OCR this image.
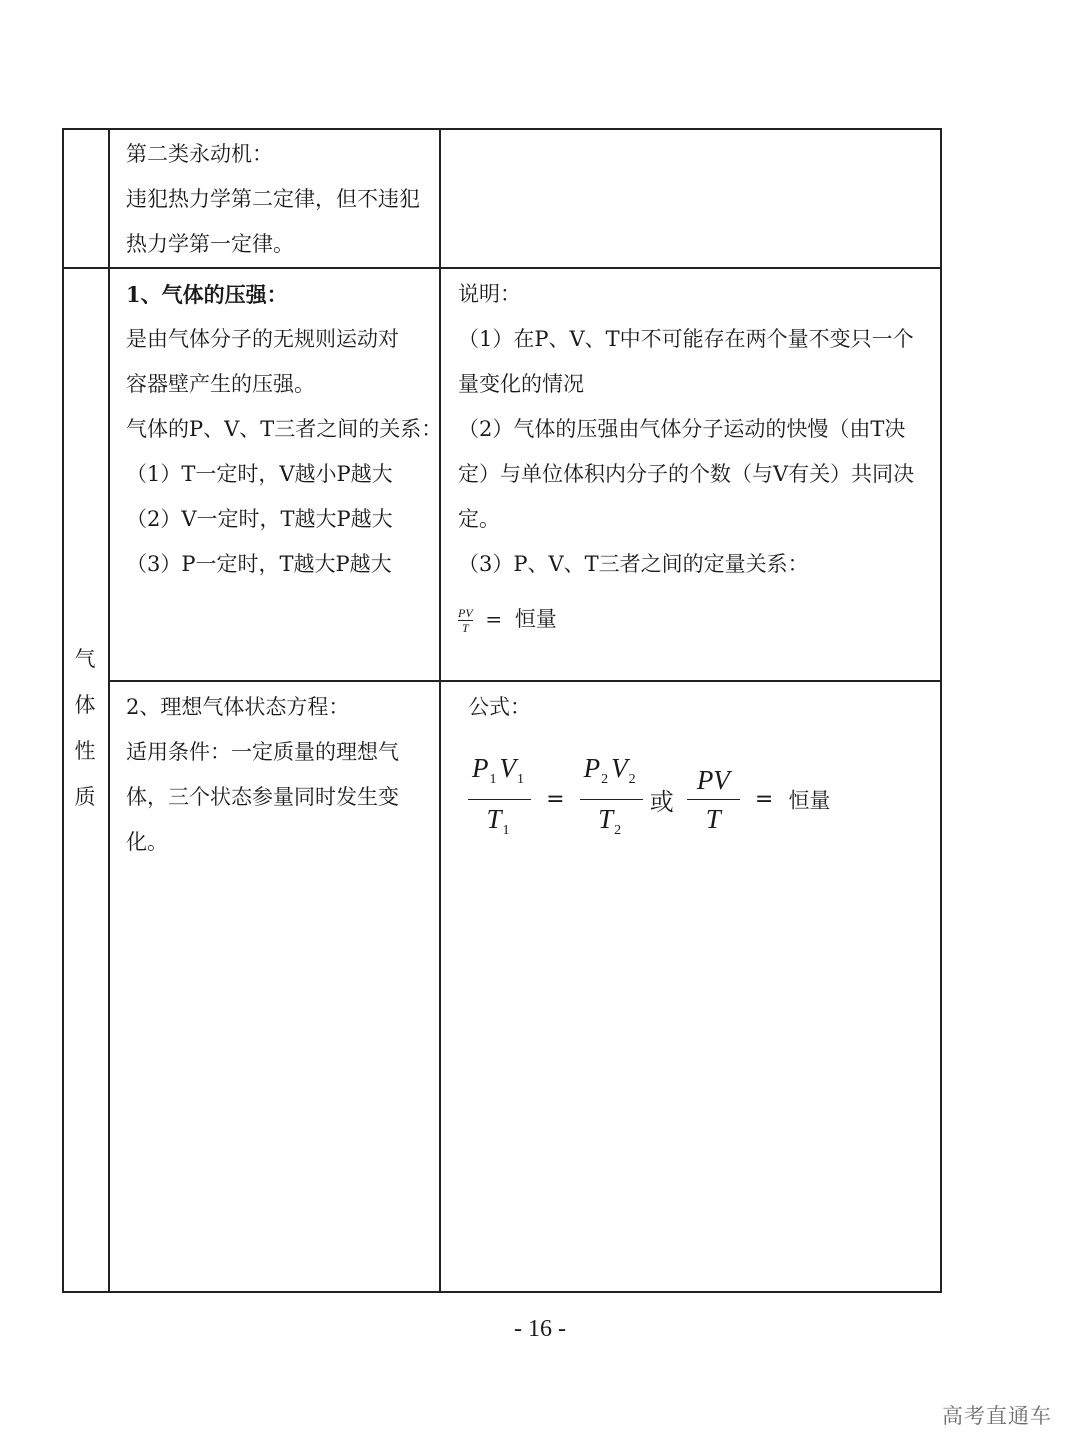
第二类永动机：

违犯热力学第二定律，但不违犯

热力学第一定律。

气
体
性
质

1、气体的压强：

是由气体分子的无规则运动对

容器壁产生的压强。

气体的P、V、T三者之间的关系：

（1）T一定时，V越小P越大

（2）V一定时，T越大P越大

（3）P一定时，T越大P越大

说明：

（1）在P、V、T中不可能存在两个量不变只一个

量变化的情况

（2）气体的压强由气体分子运动的快慢（由T决

定）与单位体积内分子的个数（与V有关）共同决

定。

（3）P、V、T三者之间的定量关系：

$\frac{PV}{T}$ = 恒量

2、理想气体状态方程：

适用条件：一定质量的理想气

体，三个状态参量同时发生变

化。

公式：

$\frac{P_1 V_1}{T_1} = \frac{P_2 V_2}{T_2}$ 或 $\frac{PV}{T}$ = 恒量
- 16 -
高考直通车
